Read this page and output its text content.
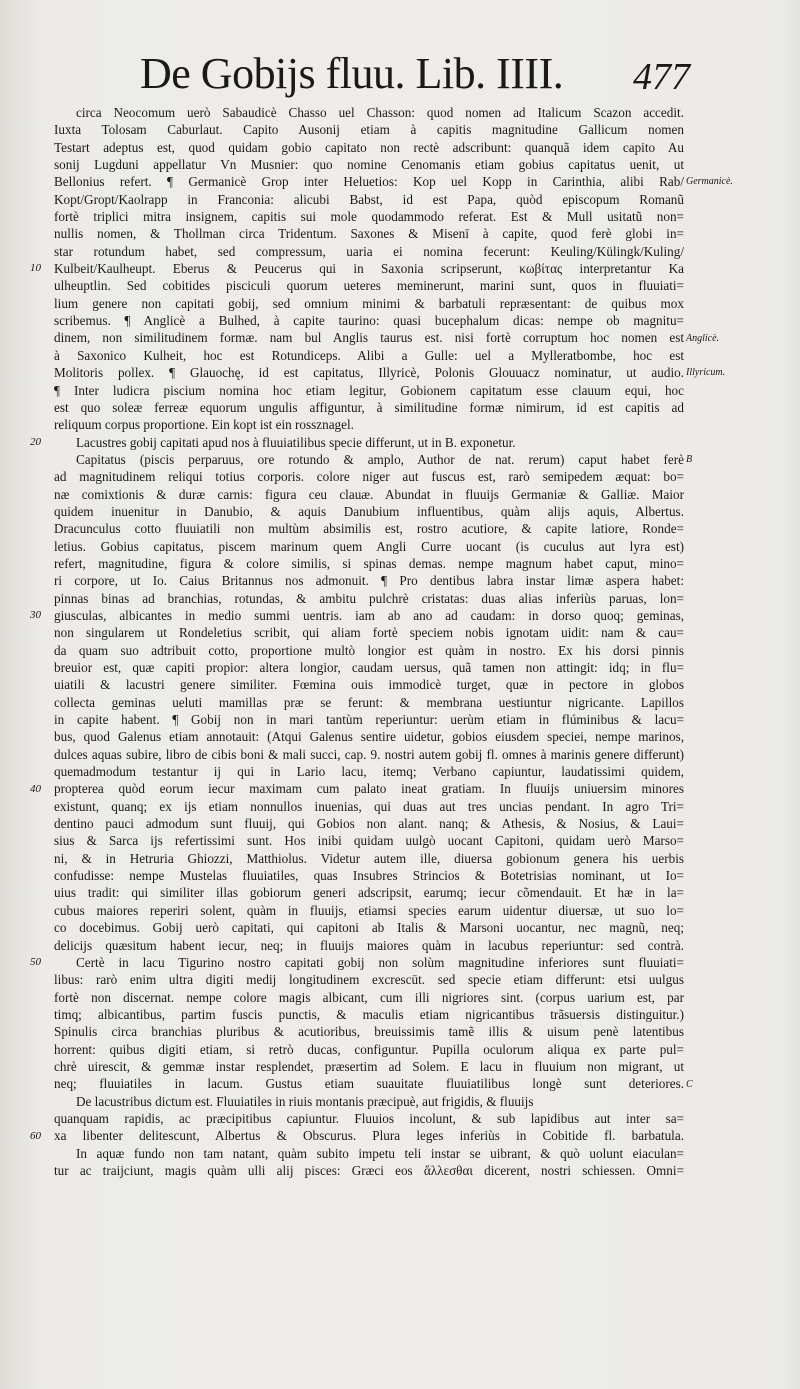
De Gobijs fluu. Lib. IIII. 477
10
20
30
40
50
60
circa Neocomum uerò Sabaudicè Chasso uel Chasson: quod nomen ad Italicum Scazon accedit.
Iuxta Tolosam Caburlaut. Capito Ausonij etiam à capitis magnitudine Gallicum nomen
Testart adeptus est, quod quidam gobio capitato non rectè adscribunt: quanquã idem capito Au
sonij Lugduni appellatur Vn Musnier: quo nomine Cenomanis etiam gobius capitatus uenit, ut
Bellonius refert. ¶ Germanicè Grop inter Heluetios: Kop uel Kopp in Carinthia, alibi Rab/
Kopt/Gropt/Kaolrapp in Franconia: alicubi Babst, id est Papa, quòd episcopum Romanũ
fortè triplici mitra insignem, capitis sui mole quodammodo referat. Est & Mull usitatũ non=
nullis nomen, & Thollman circa Tridentum. Saxones & Misenī à capite, quod ferè globi in=
star rotundum habet, sed compressum, uaria ei nomina fecerunt: Keuling/Külingk/Kuling/
Kulbeit/Kaulheupt. Eberus & Peucerus qui in Saxonia scripserunt, κωβίτας interpretantur Ka
ulheuptlin. Sed cobitides pisciculi quorum ueteres meminerunt, marini sunt, quos in fluuiati=
lium genere non capitati gobij, sed omnium minimi & barbatuli repræsentant: de quibus mox
scribemus. ¶ Anglicè a Bulhed, à capite taurino: quasi bucephalum dicas: nempe ob magnitu=
dinem, non similitudinem formæ. nam bul Anglis taurus est. nisi fortè corruptum hoc nomen est
à Saxonico Kulheit, hoc est Rotundiceps. Alibi a Gulle: uel a Mylleratbombe, hoc est
Molitoris pollex. ¶ Glauochę, id est capitatus, Illyricè, Polonis Glouuacz nominatur, ut audio.
¶ Inter ludicra piscium nomina hoc etiam legitur, Gobionem capitatum esse clauum equi, hoc
est quo soleæ ferreæ equorum ungulis affiguntur, à similitudine formæ nimirum, id est capitis ad
reliquum corpus proportione. Ein kopt ist ein rossznagel.
Lacustres gobij capitati apud nos à fluuiatilibus specie differunt, ut in B. exponetur.
Capitatus (piscis perparuus, ore rotundo & amplo, Author de nat. rerum) caput habet ferè
ad magnitudinem reliqui totius corporis. colore niger aut fuscus est, rarò semipedem æquat: bo=
næ comixtionis & duræ carnis: figura ceu clauæ. Abundat in fluuijs Germaniæ & Galliæ. Maior
quidem inuenitur in Danubio, & aquis Danubium influentibus, quàm alijs aquis, Albertus.
Dracunculus cotto fluuiatili non multùm absimilis est, rostro acutiore, & capite latiore, Ronde=
letius. Gobius capitatus, piscem marinum quem Angli Curre uocant (is cuculus aut lyra est)
refert, magnitudine, figura & colore similis, si spinas demas. nempe magnum habet caput, mino=
ri corpore, ut Io. Caius Britannus nos admonuit. ¶ Pro dentibus labra instar limæ aspera habet:
pinnas binas ad branchias, rotundas, & ambitu pulchrè cristatas: duas alias inferiùs paruas, lon=
giusculas, albicantes in medio summi uentris. iam ab ano ad caudam: in dorso quoq; geminas,
non singularem ut Rondeletius scribit, qui aliam fortè speciem nobis ignotam uidit: nam & cau=
da quam suo adtribuit cotto, proportione multò longior est quàm in nostro. Ex his dorsi pinnis
breuior est, quæ capiti propior: altera longior, caudam uersus, quã tamen non attingit: idq; in flu=
uiatili & lacustri genere similiter. Fœmina ouis immodicè turget, quæ in pectore in globos
collecta geminas ueluti mamillas præ se ferunt: & membrana uestiuntur nigricante. Lapillos
in capite habent. ¶ Gobij non in mari tantùm reperiuntur: uerùm etiam in flúminibus & lacu=
bus, quod Galenus etiam annotauit: (Atqui Galenus sentire uidetur, gobios eiusdem speciei, nempe marinos,
dulces aquas subire, libro de cibis boni & mali succi, cap. 9. nostri autem gobij fl. omnes à marinis genere differunt)
quemadmodum testantur ij qui in Lario lacu, itemq; Verbano capiuntur, laudatissimi quidem,
propterea quòd eorum iecur maximam cum palato ineat gratiam. In fluuijs uniuersim minores
existunt, quanq; ex ijs etiam nonnullos inuenias, qui duas aut tres uncias pendant. In agro Tri=
dentino pauci admodum sunt fluuij, qui Gobios non alant. nanq; & Athesis, & Nosius, & Laui=
sius & Sarca ijs refertissimi sunt. Hos inibi quidam uulgò uocant Capitoni, quidam uerò Marso=
ni, & in Hetruria Ghiozzi, Matthiolus. Videtur autem ille, diuersa gobionum genera his uerbis
confudisse: nempe Mustelas fluuiatiles, quas Insubres Strincios & Botetrisias nominant, ut Io=
uius tradit: qui similiter illas gobiorum generi adscripsit, earumq; iecur cõmendauit. Et hæ in la=
cubus maiores reperiri solent, quàm in fluuijs, etiamsi species earum uidentur diuersæ, ut suo lo=
co docebimus. Gobij uerò capitati, qui capitoni ab Italis & Marsoni uocantur, nec magnũ, neq;
delicijs quæsitum habent iecur, neq; in fluuijs maiores quàm in lacubus reperiuntur: sed contrà.
Certè in lacu Tigurino nostro capitati gobij non solùm magnitudine inferiores sunt fluuiati=
libus: rarò enim ultra digiti medij longitudinem excrescūt. sed specie etiam differunt: etsi uulgus
fortè non discernat. nempe colore magis albicant, cum illi nigriores sint. (corpus uarium est, par
timq; albicantibus, partim fuscis punctis, & maculis etiam nigricantibus trãsuersis distinguitur.)
Spinulis circa branchias pluribus & acutioribus, breuissimis tamẽ illis & uisum penè latentibus
horrent: quibus digiti etiam, si retrò ducas, configuntur. Pupilla oculorum aliqua ex parte pul=
chrè uirescit, & gemmæ instar resplendet, præsertim ad Solem. E lacu in fluuium non migrant, ut
neq; fluuiatiles in lacum. Gustus etiam suauitate fluuiatilibus longè sunt deteriores.
De lacustribus dictum est. Fluuiatiles in riuis montanis præcipuè, aut frigidis, & fluuijs
quanquam rapidis, ac præcipitibus capiuntur. Fluuios incolunt, & sub lapidibus aut inter sa=
xa libenter delitescunt, Albertus & Obscurus. Plura leges inferiùs in Cobitide fl. barbatula.
In aquæ fundo non tam natant, quàm subito impetu teli instar se uibrant, & quò uolunt eiaculan=
tur ac traijciunt, magis quàm ulli alij pisces: Græci eos ἄλλεσθαι dicerent, nostri schiessen. Omni=
Germanicè.
Anglicè.
Illyricum.
B
C
